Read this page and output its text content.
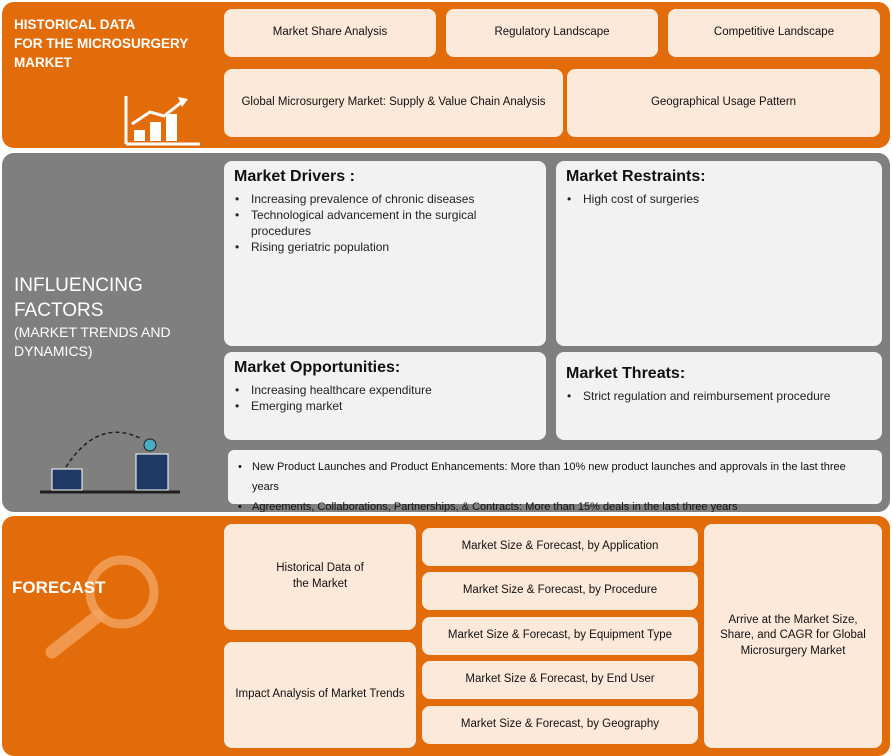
HISTORICAL DATA
FOR THE MICROSURGERY
MARKET
Market Share Analysis	Regulatory Landscape	Competitive Landscape
Global Microsurgery Market: Supply & Value Chain Analysis	Geographical Usage Pattern
INFLUENCING
FACTORS
(MARKET TRENDS AND
DYNAMICS)
Market Drivers :
• Increasing prevalence of chronic diseases
• Technological advancement in the surgical procedures
• Rising geriatric population
Market Restraints:
• High cost of surgeries
Market Opportunities:
• Increasing healthcare expenditure
• Emerging market
Market Threats:
• Strict regulation and reimbursement procedure
• New Product Launches and Product Enhancements: More than 10% new product launches and approvals in the last three years
• Agreements, Collaborations, Partnerships, & Contracts: More than 15% deals in the last three years
FORECAST
Historical Data of
the Market
Impact Analysis of Market Trends
Market Size & Forecast, by Application
Market Size & Forecast, by Procedure
Market Size & Forecast, by Equipment Type
Market Size & Forecast, by End User
Market Size & Forecast, by Geography
Arrive at the Market Size,
Share, and CAGR for Global
Microsurgery Market
